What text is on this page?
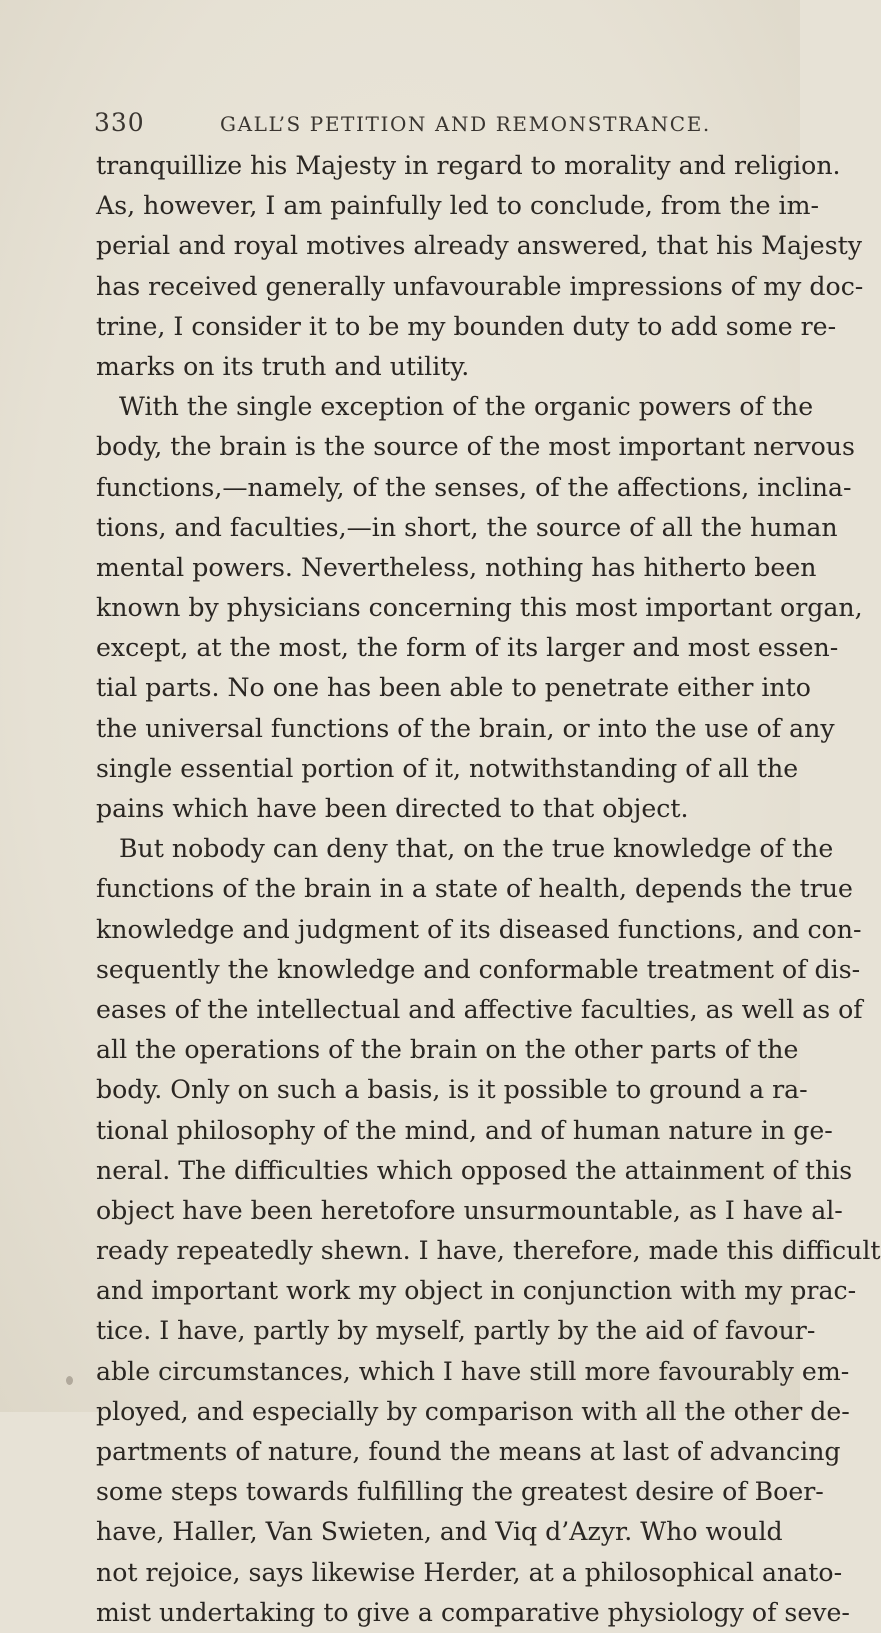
330	GALL’S PETITION AND REMONSTRANCE.
tranquillize his Majesty in regard to morality and religion.
As, however, I am painfully led to conclude, from the im-
perial and royal motives already answered, that his Majesty
has received generally unfavourable impressions of my doc-
trine, I consider it to be my bounden duty to add some re-
marks on its truth and utility.
With the single exception of the organic powers of the
body, the brain is the source of the most important nervous
functions,—namely, of the senses, of the affections, inclina-
tions, and faculties,—in short, the source of all the human
mental powers. Nevertheless, nothing has hitherto been
known by physicians concerning this most important organ,
except, at the most, the form of its larger and most essen-
tial parts. No one has been able to penetrate either into
the universal functions of the brain, or into the use of any
single essential portion of it, notwithstanding of all the
pains which have been directed to that object.
But nobody can deny that, on the true knowledge of the
functions of the brain in a state of health, depends the true
knowledge and judgment of its diseased functions, and con-
sequently the knowledge and conformable treatment of dis-
eases of the intellectual and affective faculties, as well as of
all the operations of the brain on the other parts of the
body. Only on such a basis, is it possible to ground a ra-
tional philosophy of the mind, and of human nature in ge-
neral. The difficulties which opposed the attainment of this
object have been heretofore unsurmountable, as I have al-
ready repeatedly shewn. I have, therefore, made this difficult
and important work my object in conjunction with my prac-
tice. I have, partly by myself, partly by the aid of favour-
able circumstances, which I have still more favourably em-
ployed, and especially by comparison with all the other de-
partments of nature, found the means at last of advancing
some steps towards fulfilling the greatest desire of Boer-
have, Haller, Van Swieten, and Viq d’Azyr. Who would
not rejoice, says likewise Herder, at a philosophical anato-
mist undertaking to give a comparative physiology of seve-
